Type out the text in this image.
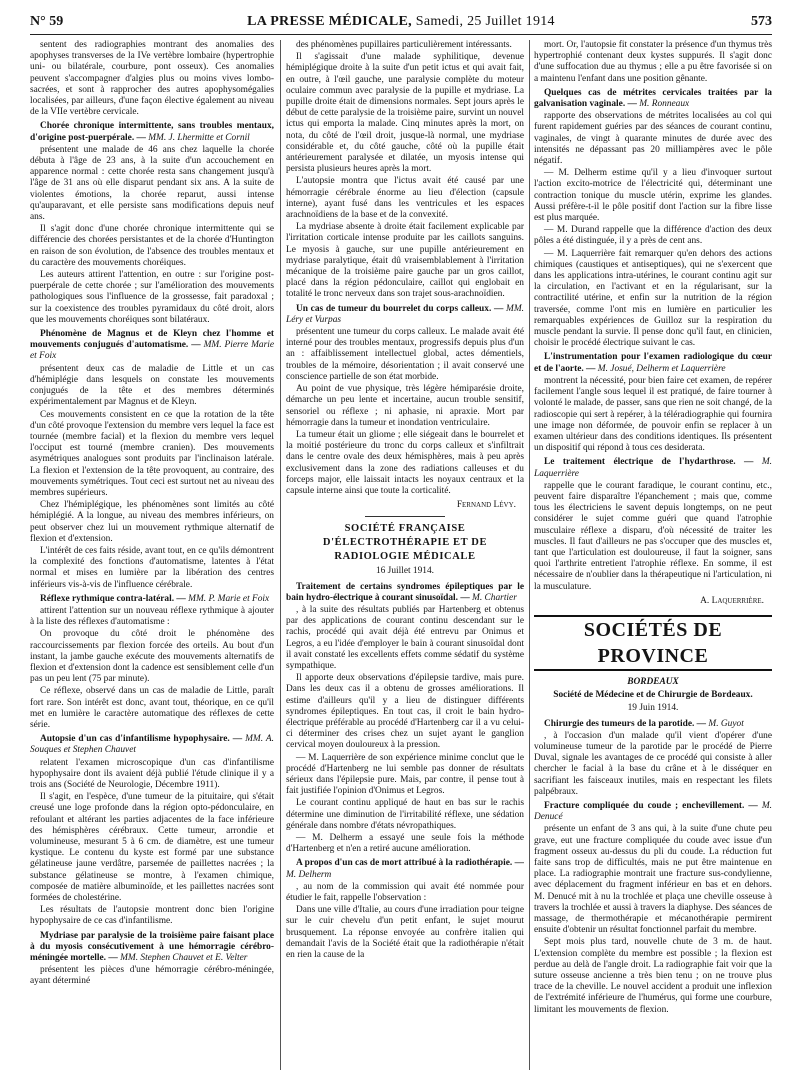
N° 59	LA PRESSE MÉDICALE, Samedi, 25 Juillet 1914	573

sentent des radiographies montrant des anomalies des apophyses transverses de la IVe vertèbre lombaire (hypertrophie uni- ou bilatérale, courbure, pont osseux). Ces anomalies peuvent s'accompagner d'algies plus ou moins vives lombo-sacrées, et sont à rapprocher des autres apophysomégalies localisées, par ailleurs, d'une façon élective également au niveau de la VIIe vertèbre cervicale.

Chorée chronique intermittente, sans troubles mentaux, d'origine post-puerpérale. — MM. J. Lhermitte et Cornil

présentent une malade de 46 ans chez laquelle la chorée débuta à l'âge de 23 ans, à la suite d'un accouchement en apparence normal : cette chorée resta sans changement jusqu'à l'âge de 31 ans où elle disparut pendant six ans. A la suite de violentes émotions, la chorée reparut, aussi intense qu'auparavant, et elle persiste sans modifications depuis neuf ans.

Il s'agit donc d'une chorée chronique intermittente qui se différencie des chorées persistantes et de la chorée d'Huntington en raison de son évolution, de l'absence des troubles mentaux et du caractère des mouvements choréiques.

Les auteurs attirent l'attention, en outre : sur l'origine post-puerpérale de cette chorée ; sur l'amélioration des mouvements pathologiques sous l'influence de la grossesse, fait paradoxal ; sur la coexistence des troubles pyramidaux du côté droit, alors que les mouvements choréiques sont bilatéraux.

Phénomène de Magnus et de Kleyn chez l'homme et mouvements conjugués d'automatisme. — MM. Pierre Marie et Foix

présentent deux cas de maladie de Little et un cas d'hémiplégie dans lesquels on constate les mouvements conjugués de la tête et des membres déterminés expérimentalement par Magnus et de Kleyn.

Ces mouvements consistent en ce que la rotation de la tête d'un côté provoque l'extension du membre vers lequel la face est tournée (membre facial) et la flexion du membre vers lequel l'occiput est tourné (membre cranien). Des mouvements asymétriques analogues sont produits par l'inclinaison latérale. La flexion et l'extension de la tête provoquent, au contraire, des mouvements symétriques. Tout ceci est surtout net au niveau des membres supérieurs.

Chez l'hémiplégique, les phénomènes sont limités au côté hémiplégié. A la longue, au niveau des membres inférieurs, on peut observer chez lui un mouvement rythmique alternatif de flexion et d'extension.

L'intérêt de ces faits réside, avant tout, en ce qu'ils démontrent la complexité des fonctions d'automatisme, latentes à l'état normal et mises en lumière par la libération des centres inférieurs vis-à-vis de l'influence cérébrale.

Réflexe rythmique contra-latéral. — MM. P. Marie et Foix

attirent l'attention sur un nouveau réflexe rythmique à ajouter à la liste des réflexes d'automatisme :

On provoque du côté droit le phénomène des raccourcissements par flexion forcée des orteils. Au bout d'un instant, la jambe gauche exécute des mouvements alternatifs de flexion et d'extension dont la cadence est sensiblement celle d'un pas un peu lent (75 par minute).

Ce réflexe, observé dans un cas de maladie de Little, paraît fort rare. Son intérêt est donc, avant tout, théorique, en ce qu'il met en lumière le caractère automatique des réflexes de cette série.

Autopsie d'un cas d'infantilisme hypophysaire. — MM. A. Souques et Stephen Chauvet

relatent l'examen microscopique d'un cas d'infantilisme hypophysaire dont ils avaient déjà publié l'étude clinique il y a trois ans (Société de Neurologie, Décembre 1911).

Il s'agit, en l'espèce, d'une tumeur de la pituitaire, qui s'était creusé une loge profonde dans la région opto-pédonculaire, en refoulant et altérant les parties adjacentes de la face inférieure des hémisphères cérébraux. Cette tumeur, arrondie et volumineuse, mesurant 5 à 6 cm. de diamètre, est une tumeur kystique. Le contenu du kyste est formé par une substance gélatineuse jaune verdâtre, parsemée de paillettes nacrées ; la substance gélatineuse se montre, à l'examen chimique, composée de matière albuminoïde, et les paillettes nacrées sont formées de cholestérine.

Les résultats de l'autopsie montrent donc bien l'origine hypophysaire de ce cas d'infantilisme.

Mydriase par paralysie de la troisième paire faisant place à du myosis consécutivement à une hémorragie cérébro-méningée mortelle. — MM. Stephen Chauvet et E. Velter

présentent les pièces d'une hémorragie cérébro-méningée, ayant déterminé

des phénomènes pupillaires particulièrement intéressants.

Il s'agissait d'une malade syphilitique, devenue hémiplégique droite à la suite d'un petit ictus et qui avait fait, en outre, à l'œil gauche, une paralysie complète du moteur oculaire commun avec paralysie de la pupille et mydriase. La pupille droite était de dimensions normales. Sept jours après le début de cette paralysie de la troisième paire, survint un nouvel ictus qui emporta la malade. Cinq minutes après la mort, on nota, du côté de l'œil droit, jusque-là normal, une mydriase considérable et, du côté gauche, côté où la pupille était antérieurement paralysée et dilatée, un myosis intense qui persista plusieurs heures après la mort.

L'autopsie montra que l'ictus avait été causé par une hémorragie cérébrale énorme au lieu d'élection (capsule interne), ayant fusé dans les ventricules et les espaces arachnoïdiens de la base et de la convexité.

La mydriase absente à droite était facilement explicable par l'irritation corticale intense produite par les caillots sanguins. Le myosis à gauche, sur une pupille antérieurement en mydriase paralytique, était dû vraisemblablement à l'irritation mécanique de la troisième paire gauche par un gros caillot, placé dans la région pédonculaire, caillot qui englobait en totalité le tronc nerveux dans son trajet sous-arachnoïdien.

Un cas de tumeur du bourrelet du corps calleux. — MM. Léry et Vurpas

présentent une tumeur du corps calleux. Le malade avait été interné pour des troubles mentaux, progressifs depuis plus d'un an : affaiblissement intellectuel global, actes démentiels, troubles de la mémoire, désorientation ; il avait conservé une conscience partielle de son état morbide.

Au point de vue physique, très légère hémiparésie droite, démarche un peu lente et incertaine, aucun trouble sensitif, sensoriel ou réflexe ; ni aphasie, ni apraxie. Mort par hémorragie dans la tumeur et inondation ventriculaire.

La tumeur était un gliome ; elle siégeait dans le bourrelet et la moitié postérieure du tronc du corps calleux et s'infiltrait dans le centre ovale des deux hémisphères, mais à peu après exclusivement dans la zone des radiations calleuses et du forceps major, elle laissait intacts les noyaux centraux et la capsule interne ainsi que toute la corticalité.

Fernand Lévy.

SOCIÉTÉ FRANÇAISE D'ÉLECTROTHÉRAPIE ET DE RADIOLOGIE MÉDICALE

16 Juillet 1914.

Traitement de certains syndromes épileptiques par le bain hydro-électrique à courant sinusoïdal. — M. Chartier

, à la suite des résultats publiés par Hartenberg et obtenus par des applications de courant continu descendant sur le rachis, procédé qui avait déjà été entrevu par Onimus et Legros, a eu l'idée d'employer le bain à courant sinusoïdal dont il avait constaté les excellents effets comme sédatif du système sympathique.

Il apporte deux observations d'épilepsie tardive, mais pure. Dans les deux cas il a obtenu de grosses améliorations. Il estime d'ailleurs qu'il y a lieu de distinguer différents syndromes épileptiques. En tout cas, il croit le bain hydro-électrique préférable au procédé d'Hartenberg car il a vu celui-ci déterminer des crises chez un sujet ayant le ganglion cervical moyen douloureux à la pression.

— M. Laquerrière de son expérience minime conclut que le procédé d'Hartenberg ne lui semble pas donner de résultats sérieux dans l'épilepsie pure. Mais, par contre, il pense tout à fait justifiée l'opinion d'Onimus et Legros.

Le courant continu appliqué de haut en bas sur le rachis détermine une diminution de l'irritabilité réflexe, une sédation générale dans nombre d'états névropathiques.

— M. Delherm a essayé une seule fois la méthode d'Hartenberg et n'en a retiré aucune amélioration.

A propos d'un cas de mort attribué à la radiothérapie. — M. Delherm

, au nom de la commission qui avait été nommée pour étudier le fait, rappelle l'observation :

Dans une ville d'Italie, au cours d'une irradiation pour teigne sur le cuir chevelu d'un petit enfant, le sujet mourut brusquement. La réponse envoyée au confrère italien qui demandait l'avis de la Société était que la radiothérapie n'était en rien la cause de la

mort. Or, l'autopsie fit constater la présence d'un thymus très hypertrophié contenant deux kystes suppurés. Il s'agit donc d'une suffocation due au thymus ; elle a pu être favorisée si on a maintenu l'enfant dans une position gênante.

Quelques cas de métrites cervicales traitées par la galvanisation vaginale. — M. Ronneaux

rapporte des observations de métrites localisées au col qui furent rapidement guéries par des séances de courant continu, vaginales, de vingt à quarante minutes de durée avec des intensités ne dépassant pas 20 milliampères avec le pôle négatif.

— M. Delherm estime qu'il y a lieu d'invoquer surtout l'action excito-motrice de l'électricité qui, déterminant une contraction tonique du muscle utérin, exprime les glandes. Aussi préfère-t-il le pôle positif dont l'action sur la fibre lisse est plus marquée.

— M. Durand rappelle que la différence d'action des deux pôles a été distinguée, il y a près de cent ans.

— M. Laquerrière fait remarquer qu'en dehors des actions chimiques (caustiques et antiseptiques), qui ne s'exercent que dans les applications intra-utérines, le courant continu agit sur la circulation, en l'activant et en la régularisant, sur la contractilité utérine, et enfin sur la nutrition de la région traversée, comme l'ont mis en lumière en particulier les remarquables expériences de Guilloz sur la respiration du muscle pendant la survie. Il pense donc qu'il faut, en clinicien, choisir le procédé électrique suivant le cas.

L'instrumentation pour l'examen radiologique du cœur et de l'aorte. — M. Josué, Delherm et Laquerrière

montrent la nécessité, pour bien faire cet examen, de repérer facilement l'angle sous lequel il est pratiqué, de faire tourner à volonté le malade, de passer, sans que rien ne soit changé, de la radioscopie qui sert à repérer, à la téléradiographie qui fournira une image non déformée, de pouvoir enfin se replacer à un examen ultérieur dans des conditions identiques. Ils présentent un dispositif qui répond à tous ces desiderata.

Le traitement électrique de l'hydarthrose. — M. Laquerrière

rappelle que le courant faradique, le courant continu, etc., peuvent faire disparaître l'épanchement ; mais que, comme tous les électriciens le savent depuis longtemps, on ne peut considérer le sujet comme guéri que quand l'atrophie musculaire réflexe a disparu, d'où nécessité de traiter les muscles. Il faut d'ailleurs ne pas s'occuper que des muscles et, tant que l'articulation est douloureuse, il faut la soigner, sans quoi l'arthrite entretient l'atrophie réflexe. En somme, il est nécessaire de n'oublier dans la thérapeutique ni l'articulation, ni la musculature.

A. Laquerrière.

SOCIÉTÉS DE PROVINCE

BORDEAUX

Société de Médecine et de Chirurgie de Bordeaux.

19 Juin 1914.

Chirurgie des tumeurs de la parotide. — M. Guyot

, à l'occasion d'un malade qu'il vient d'opérer d'une volumineuse tumeur de la parotide par le procédé de Pierre Duval, signale les avantages de ce procédé qui consiste à aller chercher le facial à la base du crâne et à le disséquer en sacrifiant les faisceaux inutiles, mais en respectant les filets palpébraux.

Fracture compliquée du coude ; enchevillement. — M. Denucé

présente un enfant de 3 ans qui, à la suite d'une chute peu grave, eut une fracture compliquée du coude avec issue d'un fragment osseux au-dessus du pli du coude. La réduction fut faite sans trop de difficultés, mais ne put être maintenue en place. La radiographie montrait une fracture sus-condylienne, avec déplacement du fragment inférieur en bas et en dehors. M. Denucé mit à nu la trochlée et plaça une cheville osseuse à travers la trochlée et aussi à travers la diaphyse. Des séances de massage, de thermothérapie et mécanothérapie permirent ensuite d'obtenir un résultat fonctionnel parfait du membre.

Sept mois plus tard, nouvelle chute de 3 m. de haut. L'extension complète du membre est possible ; la flexion est perdue au delà de l'angle droit. La radiographie fait voir que la suture osseuse ancienne a très bien tenu ; on ne trouve plus trace de la cheville. Le nouvel accident a produit une inflexion de l'extrémité inférieure de l'humérus, qui forme une courbure, limitant les mouvements de flexion.
